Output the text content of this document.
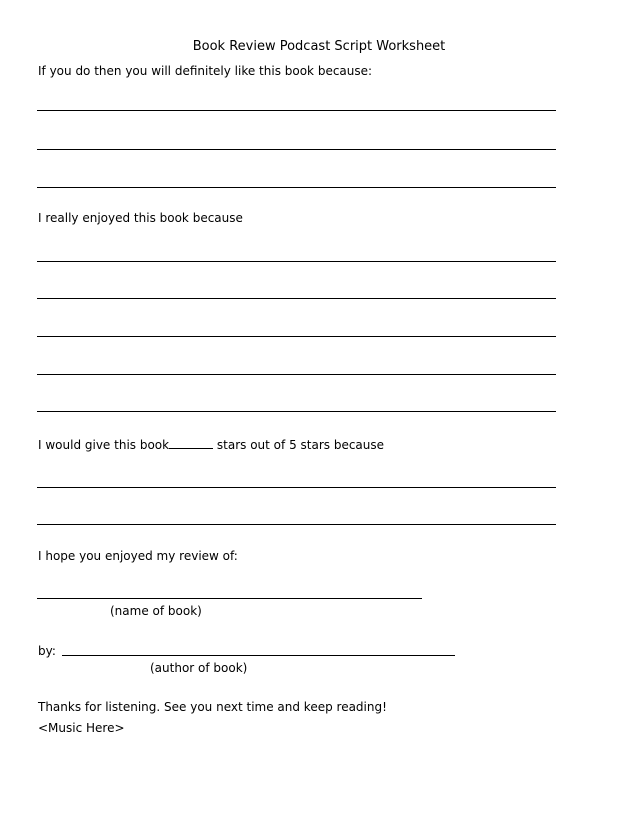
Book Review Podcast Script Worksheet
If you do then you will definitely like this book because:
I really enjoyed this book because
I would give this book	stars out of 5 stars because
I hope you enjoyed my review of:
(name of book)
by:
(author of book)
Thanks for listening. See you next time and keep reading!
<Music Here>
